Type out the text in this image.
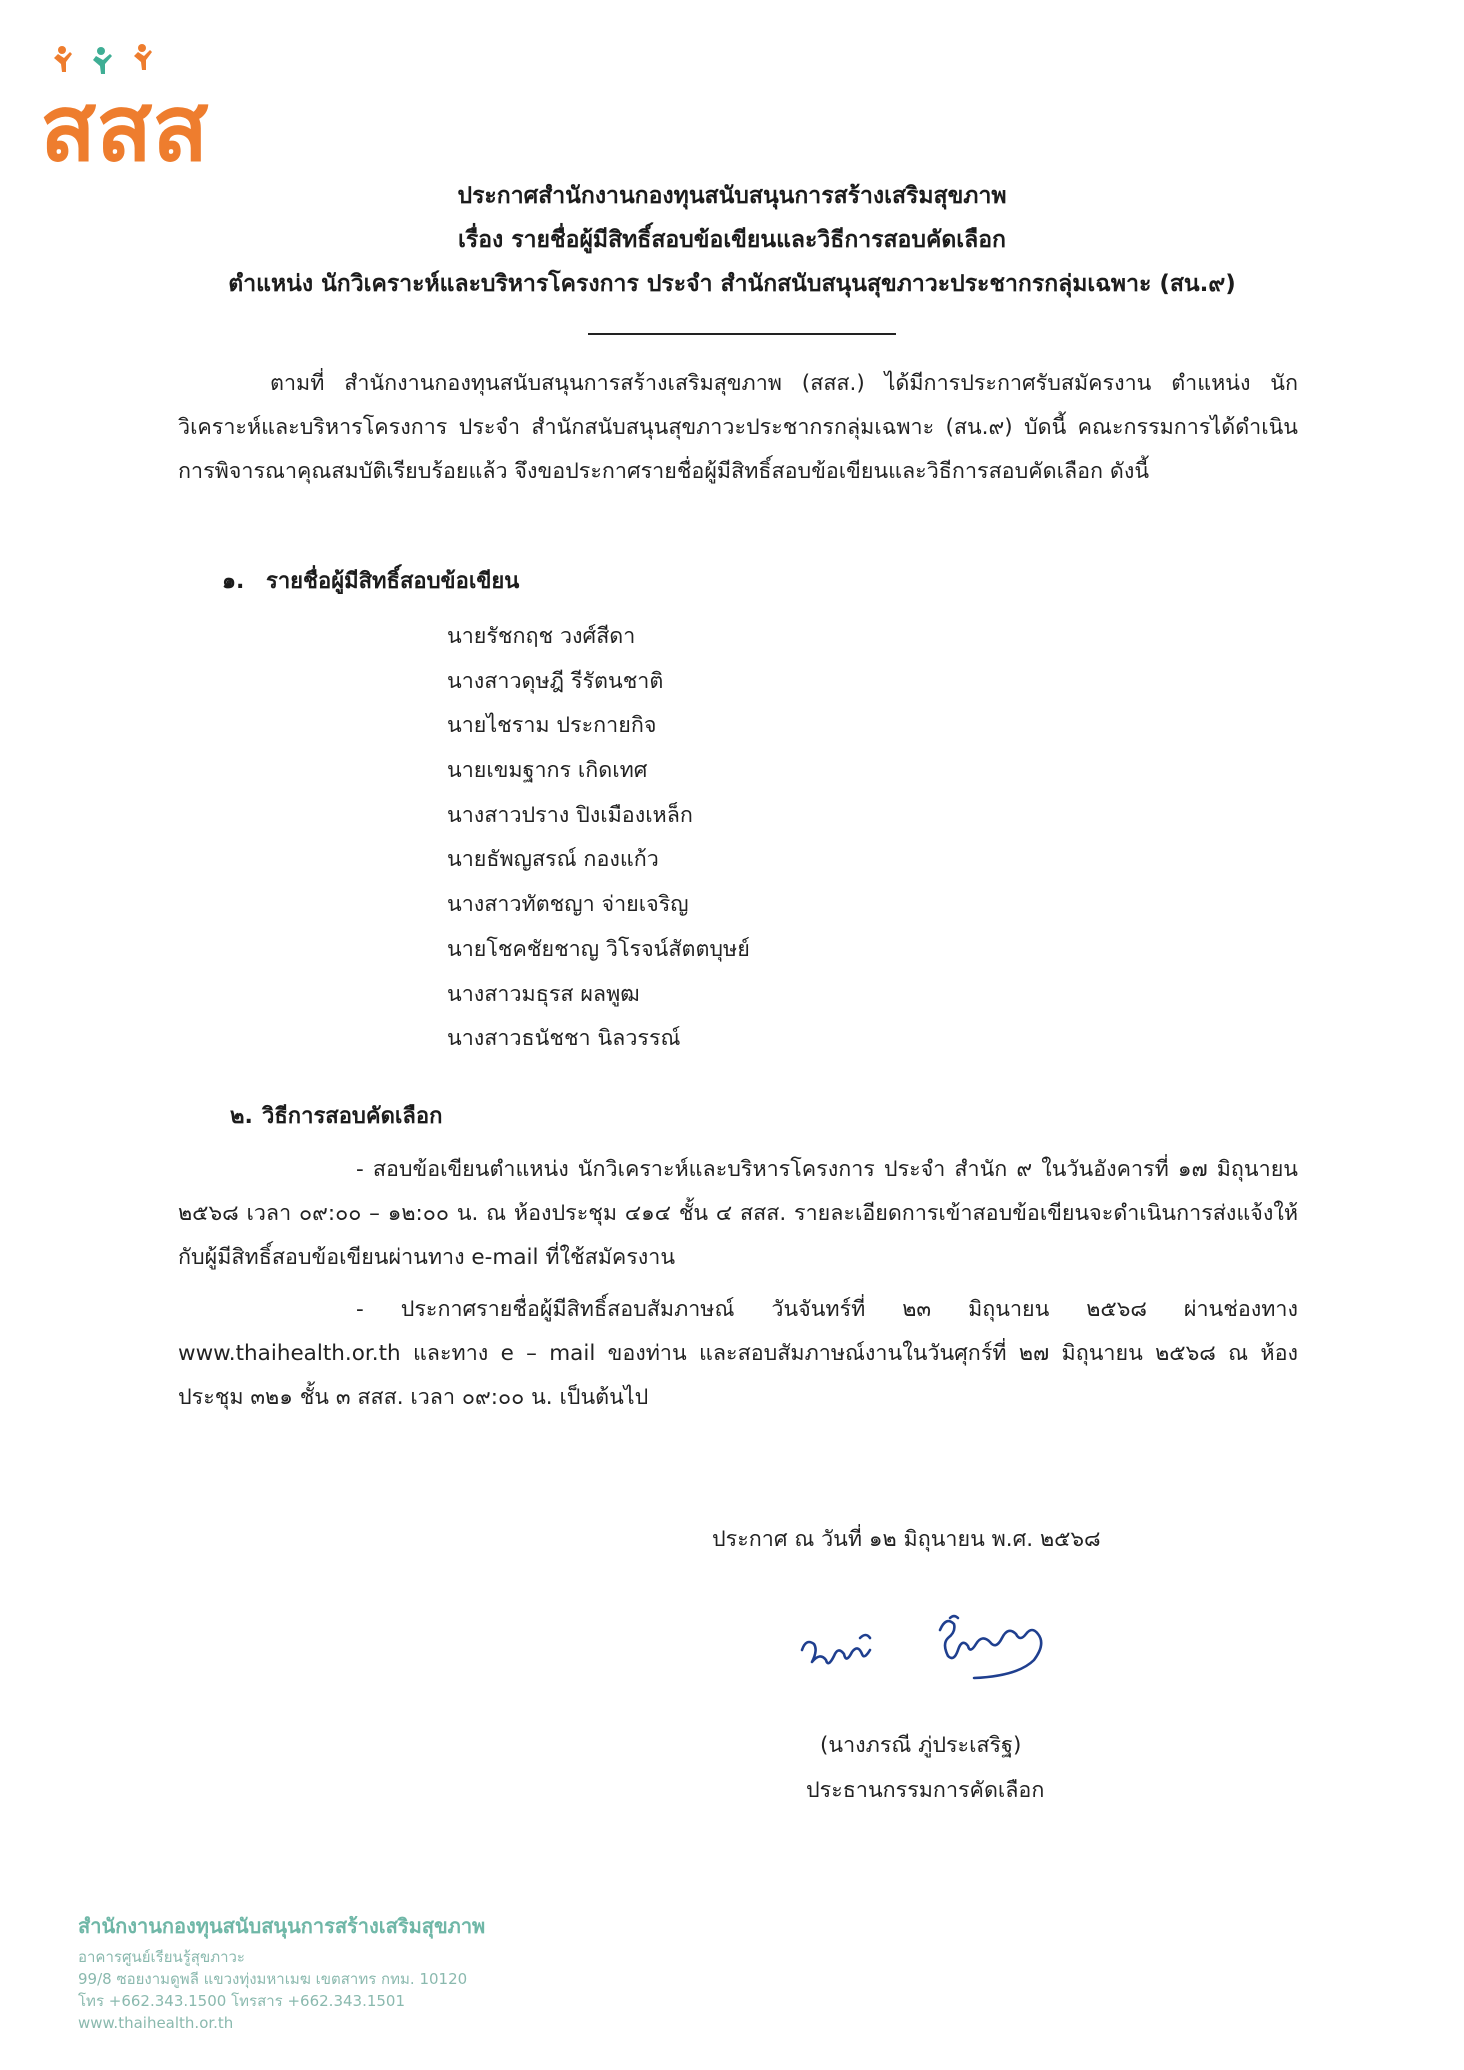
สสส
ประกาศสำนักงานกองทุนสนับสนุนการสร้างเสริมสุขภาพ
เรื่อง รายชื่อผู้มีสิทธิ์สอบข้อเขียนและวิธีการสอบคัดเลือก
ตำแหน่ง นักวิเคราะห์และบริหารโครงการ ประจำ สำนักสนับสนุนสุขภาวะประชากรกลุ่มเฉพาะ (สน.๙)
ตามที่ สำนักงานกองทุนสนับสนุนการสร้างเสริมสุขภาพ (สสส.) ได้มีการประกาศรับสมัครงาน ตำแหน่ง นักวิเคราะห์และบริหารโครงการ ประจำ สำนักสนับสนุนสุขภาวะประชากรกลุ่มเฉพาะ (สน.๙) บัดนี้ คณะกรรมการได้ดำเนินการพิจารณาคุณสมบัติเรียบร้อยแล้ว จึงขอประกาศรายชื่อผู้มีสิทธิ์สอบข้อเขียนและวิธีการสอบคัดเลือก ดังนี้
๑. รายชื่อผู้มีสิทธิ์สอบข้อเขียน
นายรัชกฤช วงศ์สีดา
นางสาวดุษฎี รีรัตนชาติ
นายไชราม ประกายกิจ
นายเขมฐากร เกิดเทศ
นางสาวปราง ปิงเมืองเหล็ก
นายธัพญสรณ์ กองแก้ว
นางสาวทัตชญา จ่ายเจริญ
นายโชคชัยชาญ วิโรจน์สัตตบุษย์
นางสาวมธุรส ผลพูฒ
นางสาวธนัชชา นิลวรรณ์
๒. วิธีการสอบคัดเลือก
- สอบข้อเขียนตำแหน่ง นักวิเคราะห์และบริหารโครงการ ประจำ สำนัก ๙ ในวันอังคารที่ ๑๗ มิถุนายน ๒๕๖๘ เวลา ๐๙:๐๐ – ๑๒:๐๐ น. ณ ห้องประชุม ๔๑๔ ชั้น ๔ สสส. รายละเอียดการเข้าสอบข้อเขียนจะดำเนินการส่งแจ้งให้กับผู้มีสิทธิ์สอบข้อเขียนผ่านทาง e-mail ที่ใช้สมัครงาน
- ประกาศรายชื่อผู้มีสิทธิ์สอบสัมภาษณ์ วันจันทร์ที่ ๒๓ มิถุนายน ๒๕๖๘ ผ่านช่องทาง www.thaihealth.or.th และทาง e – mail ของท่าน และสอบสัมภาษณ์งานในวันศุกร์ที่ ๒๗ มิถุนายน ๒๕๖๘ ณ ห้องประชุม ๓๒๑ ชั้น ๓ สสส. เวลา ๐๙:๐๐ น. เป็นต้นไป
ประกาศ ณ วันที่ ๑๒ มิถุนายน พ.ศ. ๒๕๖๘
(นางภรณี ภู่ประเสริฐ)
ประธานกรรมการคัดเลือก
สำนักงานกองทุนสนับสนุนการสร้างเสริมสุขภาพ
อาคารศูนย์เรียนรู้สุขภาวะ
99/8 ซอยงามดูพลี แขวงทุ่งมหาเมฆ เขตสาทร กทม. 10120
โทร +662.343.1500 โทรสาร +662.343.1501
www.thaihealth.or.th
